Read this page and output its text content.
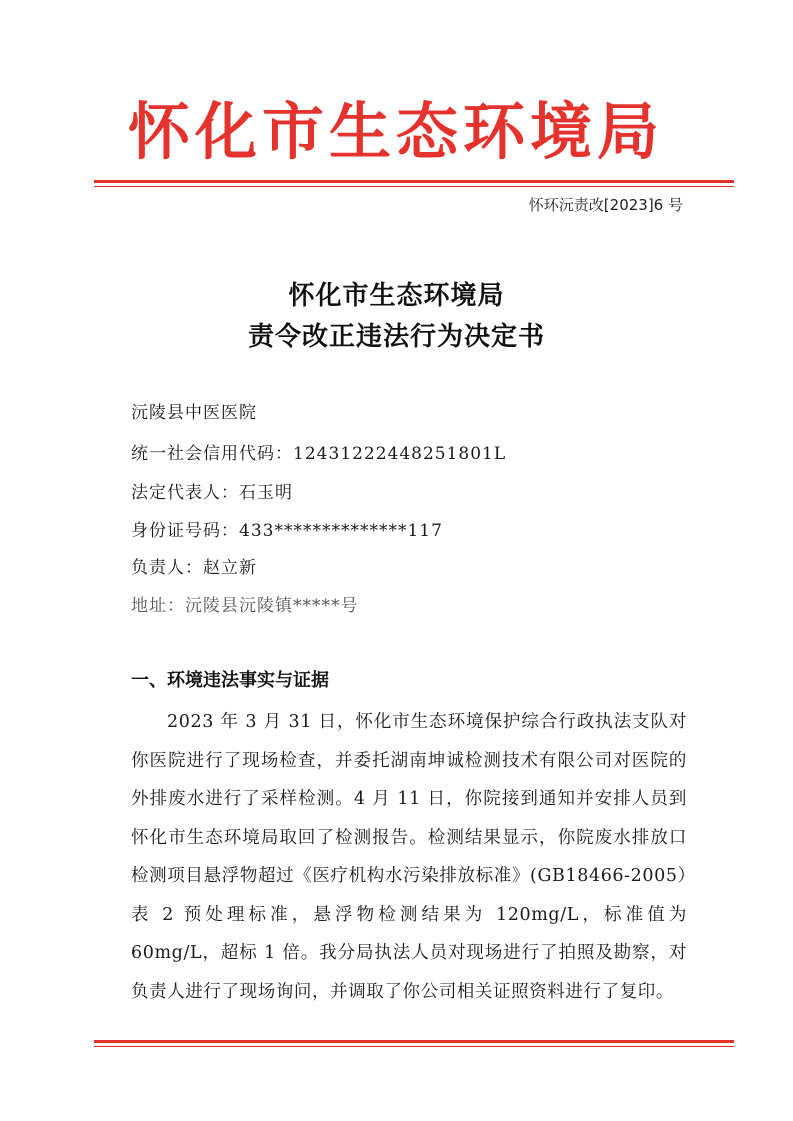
怀化市生态环境局
怀环沅责改[2023]6 号
怀化市生态环境局
责令改正违法行为决定书
沅陵县中医医院
统一社会信用代码：12431222448251801L
法定代表人：石玉明
身份证号码：433**************117
负责人：赵立新
地址：沅陵县沅陵镇*****号
一、环境违法事实与证据
2023 年 3 月 31 日，怀化市生态环境保护综合行政执法支队对你医院进行了现场检查，并委托湖南坤诚检测技术有限公司对医院的外排废水进行了采样检测。4 月 11 日，你院接到通知并安排人员到怀化市生态环境局取回了检测报告。检测结果显示，你院废水排放口检测项目悬浮物超过《医疗机构水污染排放标准》(GB18466-2005）表 2 预处理标准，悬浮物检测结果为 120mg/L，标准值为 60mg/L，超标 1 倍。我分局执法人员对现场进行了拍照及勘察，对负责人进行了现场询问，并调取了你公司相关证照资料进行了复印。
